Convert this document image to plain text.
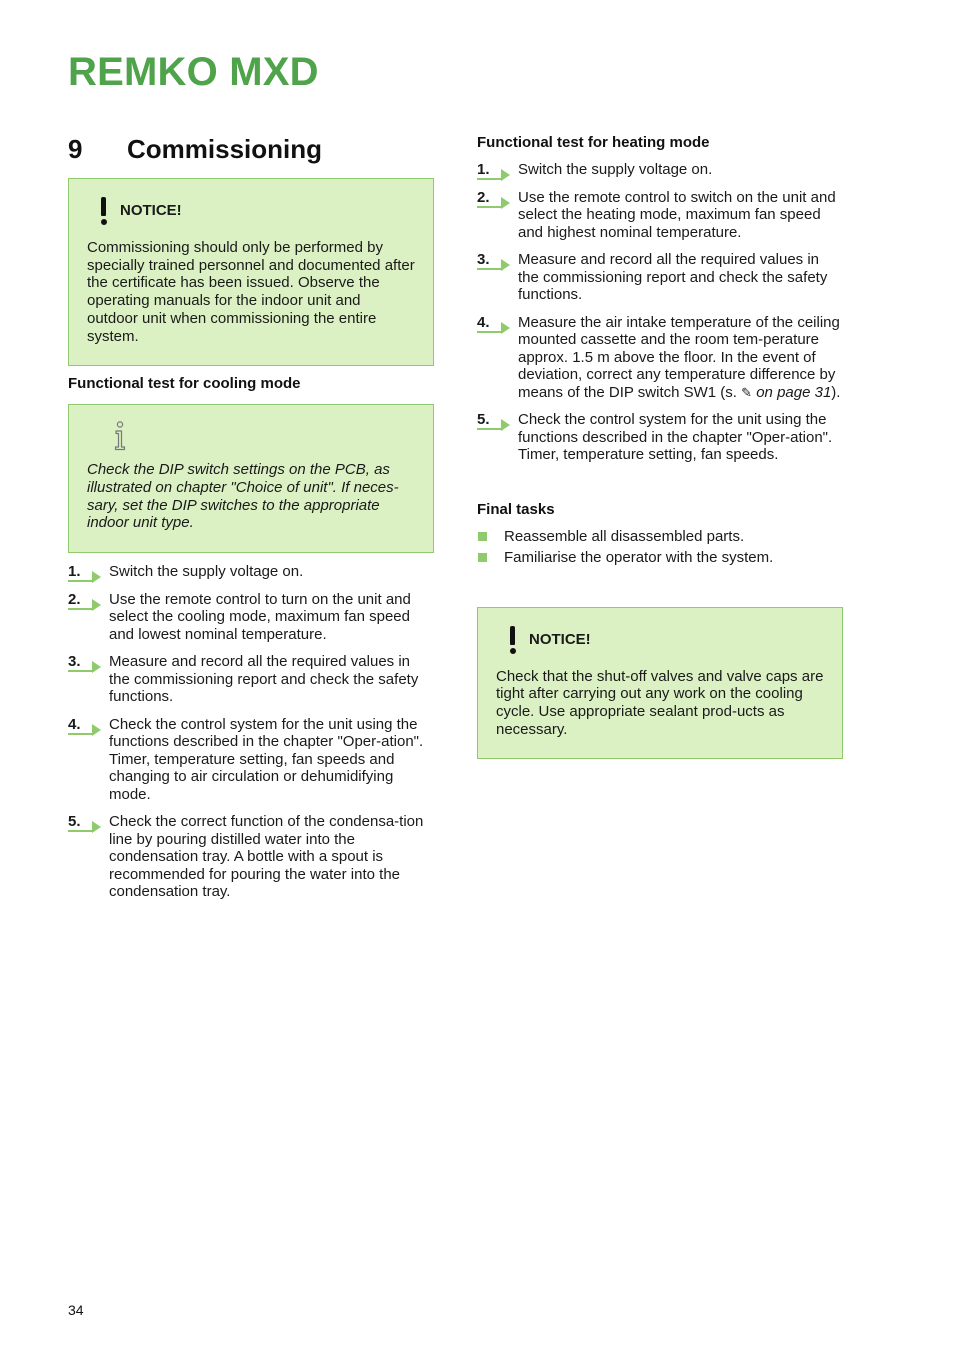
REMKO MXD
9	Commissioning
NOTICE!

Commissioning should only be performed by specially trained personnel and documented after the certificate has been issued. Observe the operating manuals for the indoor unit and outdoor unit when commissioning the entire system.

Functional test for cooling mode

Check the DIP switch settings on the PCB, as illustrated on chapter "Choice of unit". If neces-sary, set the DIP switches to the appropriate indoor unit type.

1.	Switch the supply voltage on.
2.	Use the remote control to turn on the unit and select the cooling mode, maximum fan speed and lowest nominal temperature.
3.	Measure and record all the required values in the commissioning report and check the safety functions.
4.	Check the control system for the unit using the functions described in the chapter "Oper-ation". Timer, temperature setting, fan speeds and changing to air circulation or dehumidifying mode.
5.	Check the correct function of the condensa-tion line by pouring distilled water into the condensation tray. A bottle with a spout is recommended for pouring the water into the condensation tray.
Functional test for heating mode
1.	Switch the supply voltage on.
2.	Use the remote control to switch on the unit and select the heating mode, maximum fan speed and highest nominal temperature.
3.	Measure and record all the required values in the commissioning report and check the safety functions.
4.	Measure the air intake temperature of the ceiling mounted cassette and the room tem-perature approx. 1.5 m above the floor. In the event of deviation, correct any temperature difference by means of the DIP switch SW1 (s. ✎ on page 31).
5.	Check the control system for the unit using the functions described in the chapter "Oper-ation". Timer, temperature setting, fan speeds.
Final tasks
Reassemble all disassembled parts.
Familiarise the operator with the system.
NOTICE!

Check that the shut-off valves and valve caps are tight after carrying out any work on the cooling cycle. Use appropriate sealant prod-ucts as necessary.

34
